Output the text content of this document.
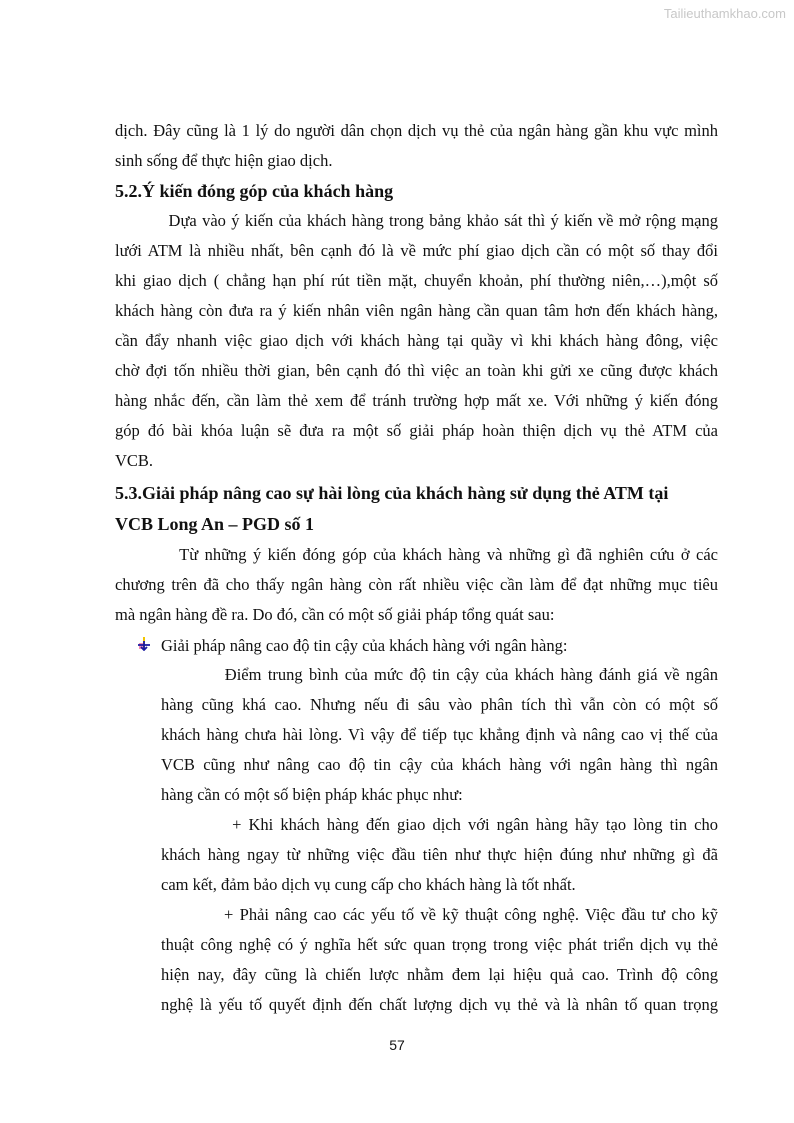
Tailieuthamkhao.com
dịch. Đây cũng là 1 lý do người dân chọn dịch vụ thẻ của ngân hàng gần khu vực mình
sinh sống để thực hiện giao dịch.
5.2.Ý kiến đóng góp của khách hàng
Dựa vào ý kiến của khách hàng trong bảng khảo sát thì ý kiến về mở rộng mạng
lưới ATM là nhiều nhất, bên cạnh đó là về mức phí giao dịch cần có một số thay đổi
khi giao dịch ( chẳng hạn phí rút tiền mặt, chuyển khoản, phí thường niên,…),một số
khách hàng còn đưa ra ý kiến nhân viên ngân hàng cần quan tâm hơn đến khách hàng,
cần đẩy nhanh việc giao dịch với khách hàng tại quầy vì khi khách hàng đông, việc
chờ đợi tốn nhiều thời gian, bên cạnh đó thì việc an toàn khi gửi xe cũng được khách
hàng nhắc đến, cần làm thẻ xem để tránh trường hợp mất xe. Với những ý kiến đóng
góp đó bài khóa luận sẽ đưa ra một số giải pháp hoàn thiện dịch vụ thẻ ATM của
VCB.
5.3.Giải pháp nâng cao sự hài lòng của khách hàng sử dụng thẻ ATM tại
VCB Long An – PGD số 1
Từ những ý kiến đóng góp của khách hàng và những gì đã nghiên cứu ở các
chương trên đã cho thấy ngân hàng còn rất nhiều việc cần làm để đạt những mục tiêu
mà ngân hàng đề ra. Do đó, cần có một số giải pháp tổng quát sau:
Giải pháp nâng cao độ tin cậy của khách hàng với ngân hàng:
Điểm trung bình của mức độ tin cậy của khách hàng đánh giá về ngân
hàng cũng khá cao. Nhưng nếu đi sâu vào phân tích thì vẫn còn có một số
khách hàng chưa hài lòng. Vì vậy để tiếp tục khẳng định và nâng cao vị thế của
VCB cũng như nâng cao độ tin cậy của khách hàng với ngân hàng thì ngân
hàng cần có một số biện pháp khác phục như:
+ Khi khách hàng đến giao dịch với ngân hàng hãy tạo lòng tin cho
khách hàng ngay từ những việc đầu tiên như thực hiện đúng như những gì đã
cam kết, đảm bảo dịch vụ cung cấp cho khách hàng là tốt nhất.
+ Phải nâng cao các yếu tố về kỹ thuật công nghệ. Việc đầu tư cho kỹ
thuật công nghệ có ý nghĩa hết sức quan trọng trong việc phát triển dịch vụ thẻ
hiện nay, đây cũng là chiến lược nhằm đem lại hiệu quả cao. Trình độ công
nghệ là yếu tố quyết định đến chất lượng dịch vụ thẻ và là nhân tố quan trọng
57
